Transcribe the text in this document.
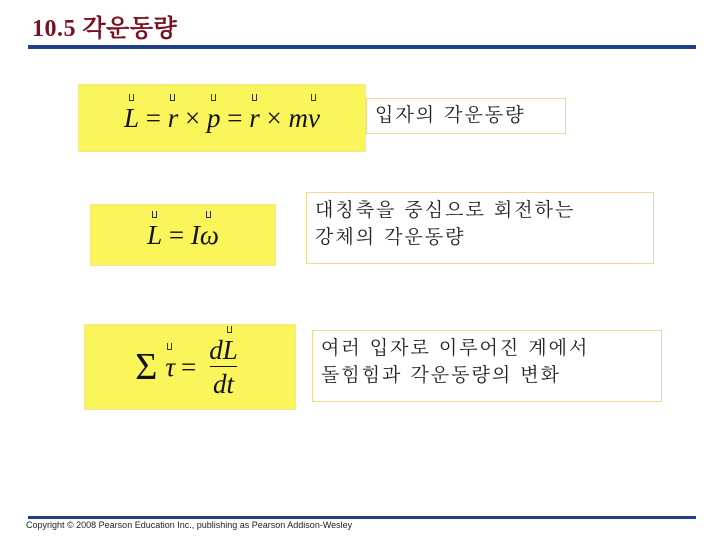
10.5 각운동량
L = r × p = r × mv	입자의 각운동량
L = Iω
대칭축을 중심으로 회전하는
강체의 각운동량
Σ $\tau = \frac{dL}{dt}$	여러 입자로 이루어진 계에서
돌힘힘과 각운동량의 변화
Copyright © 2008 Pearson Education Inc., publishing as Pearson Addison-Wesley
